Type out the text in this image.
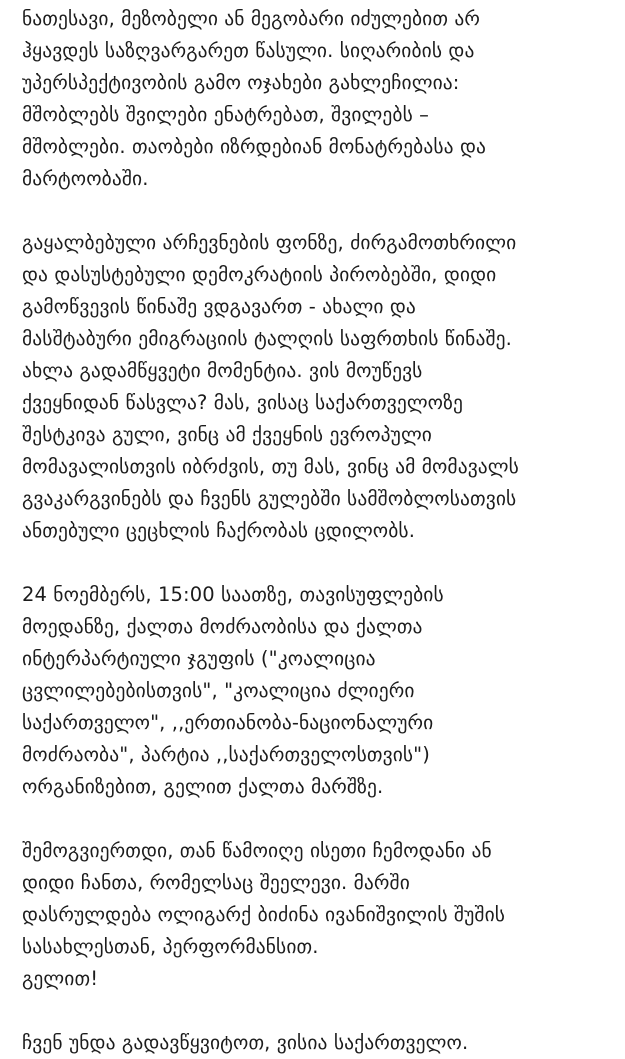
ნათესავი, მეზობელი ან მეგობარი იძულებით არ
ჰყავდეს საზღვარგარეთ წასული. სიღარიბის და
უპერსპექტივობის გამო ოჯახები გახლეჩილია:
მშობლებს შვილები ენატრებათ, შვილებს –
მშობლები. თაობები იზრდებიან მონატრებასა და
მარტოობაში.
გაყალბებული არჩევნების ფონზე, ძირგამოთხრილი
და დასუსტებული დემოკრატიის პირობებში, დიდი
გამოწვევის წინაშე ვდგავართ - ახალი და
მასშტაბური ემიგრაციის ტალღის საფრთხის წინაშე.
ახლა გადამწყვეტი მომენტია. ვის მოუწევს
ქვეყნიდან წასვლა? მას, ვისაც საქართველოზე
შესტკივა გული, ვინც ამ ქვეყნის ევროპული
მომავალისთვის იბრძვის, თუ მას, ვინც ამ მომავალს
გვაკარგვინებს და ჩვენს გულებში სამშობლოსათვის
ანთებული ცეცხლის ჩაქრობას ცდილობს.
24 ნოემბერს, 15:00 საათზე, თავისუფლების
მოედანზე, ქალთა მოძრაობისა და ქალთა
ინტერპარტიული ჯგუფის ("კოალიცია
ცვლილებებისთვის", "კოალიცია ძლიერი
საქართველო", ,,ერთიანობა-ნაციონალური
მოძრაობა", პარტია ,,საქართველოსთვის")
ორგანიზებით, გელით ქალთა მარშზე.
შემოგვიერთდი, თან წამოიღე ისეთი ჩემოდანი ან
დიდი ჩანთა, რომელსაც შეელევი. მარში
დასრულდება ოლიგარქ ბიძინა ივანიშვილის შუშის
სასახლესთან, პერფორმანსით.
გელით!
ჩვენ უნდა გადავწყვიტოთ, ვისია საქართველო.
